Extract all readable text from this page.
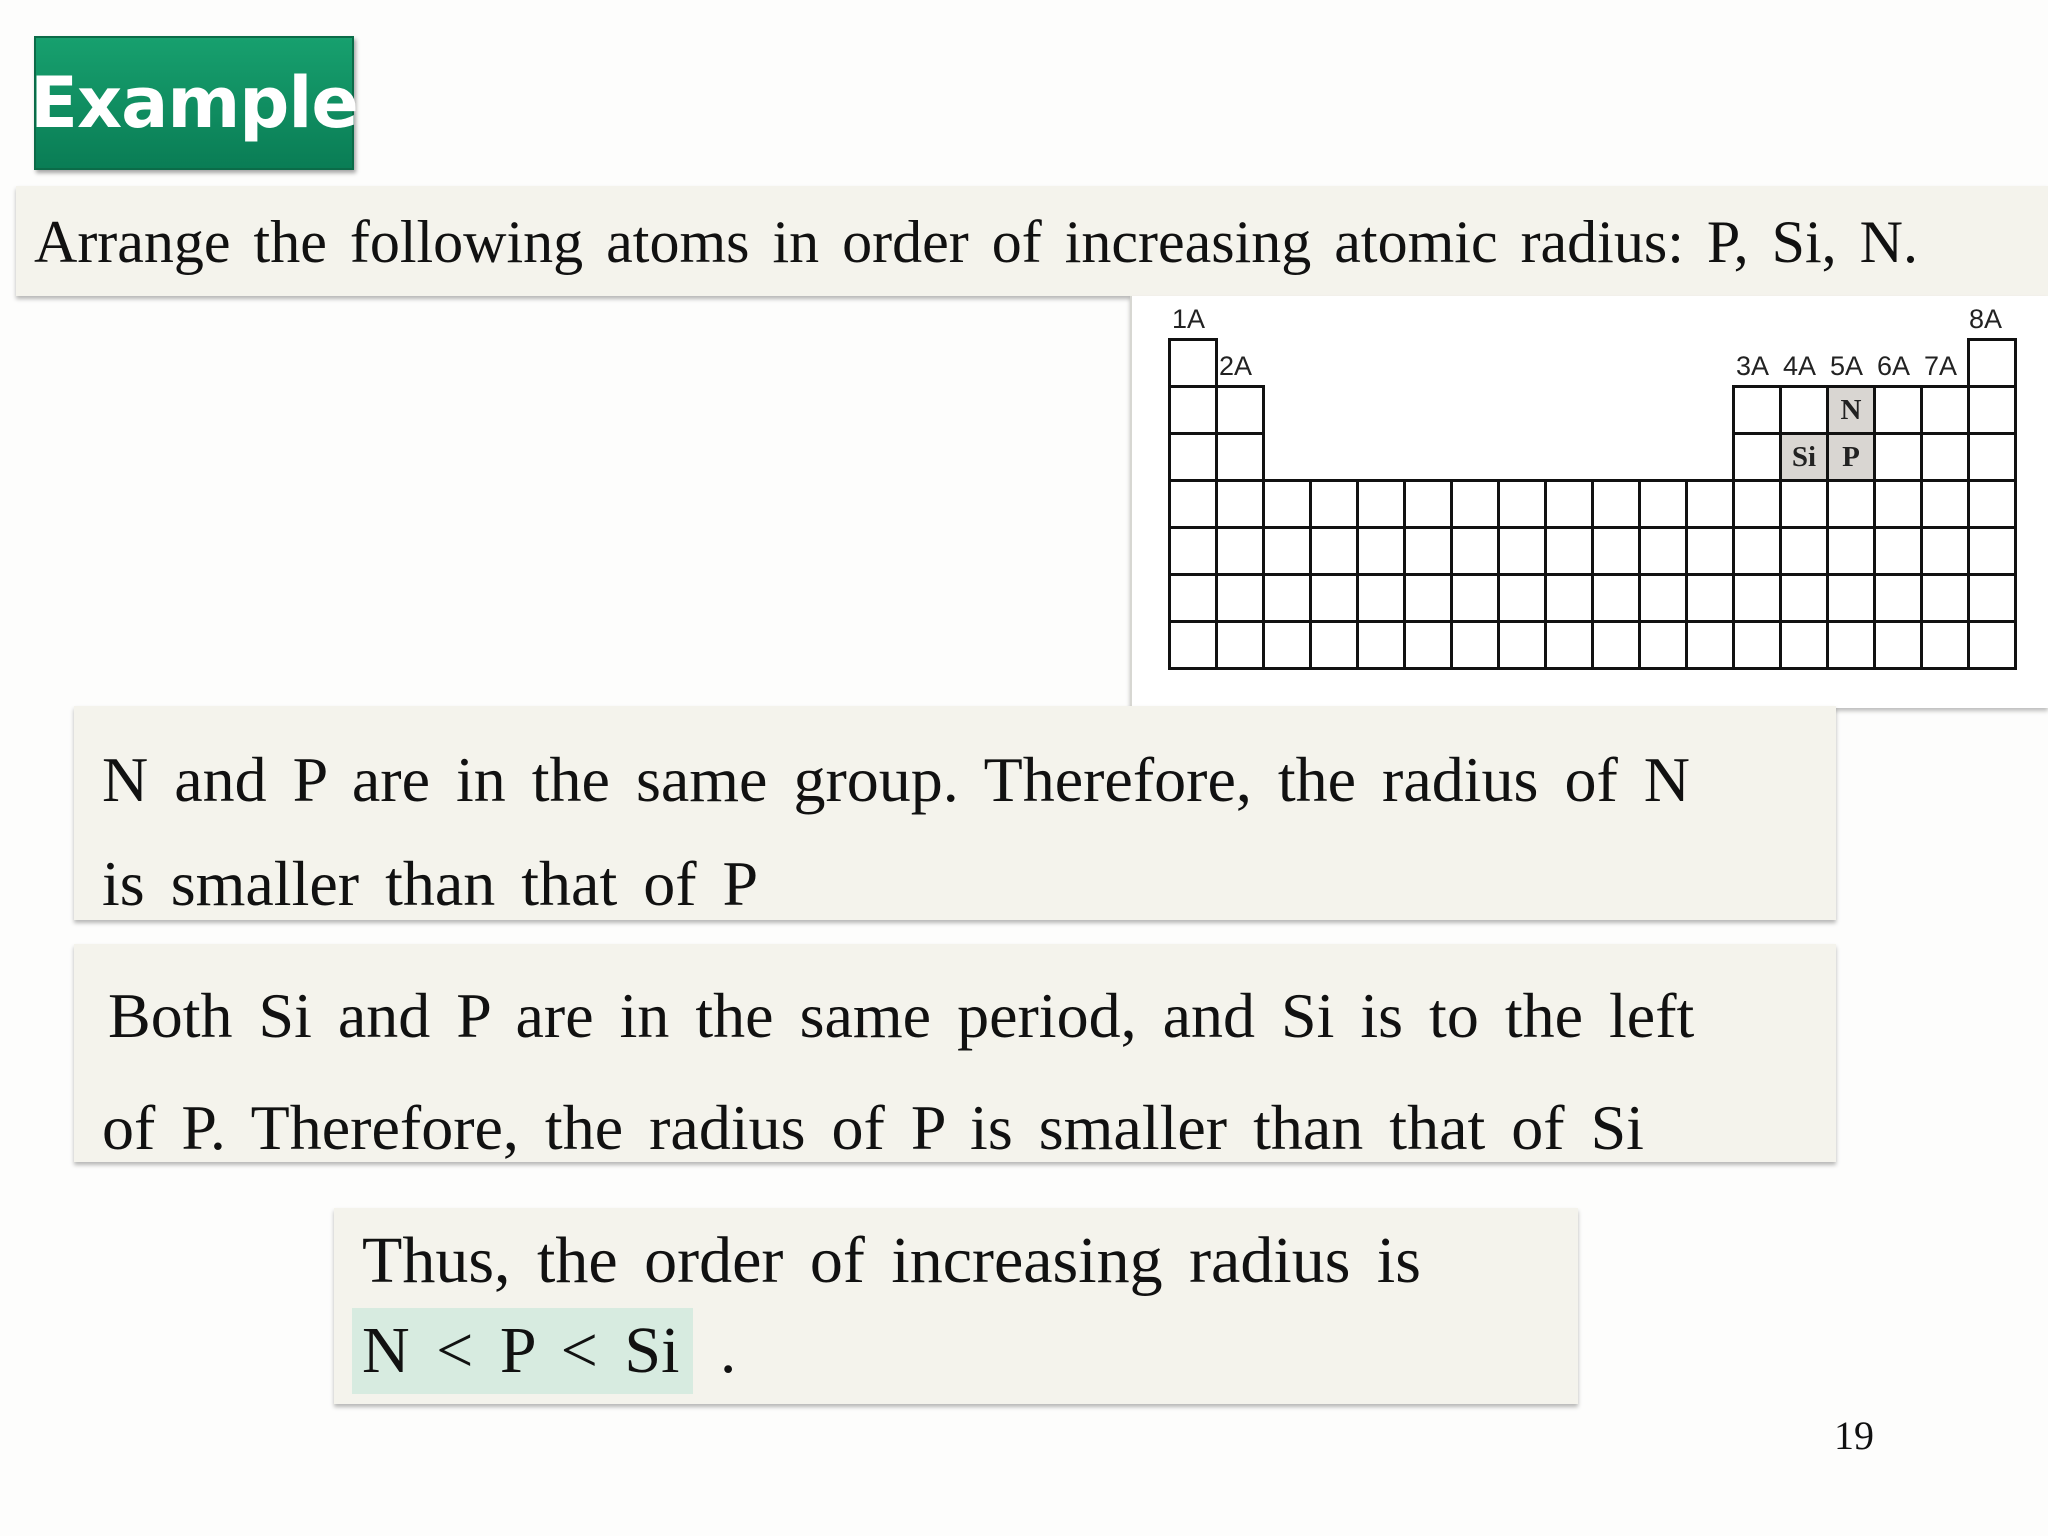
Example
Arrange the following atoms in order of increasing atomic radius: P, Si, N.
N
Si P
1A
2A	3A 4A 5A 6A 7A
8A
N and P are in the same group. Therefore, the radius of N
is smaller than that of P
Both Si and P are in the same period, and Si is to the left
of P. Therefore, the radius of P is smaller than that of Si
Thus, the order of increasing radius is
N < P < Si .
19
